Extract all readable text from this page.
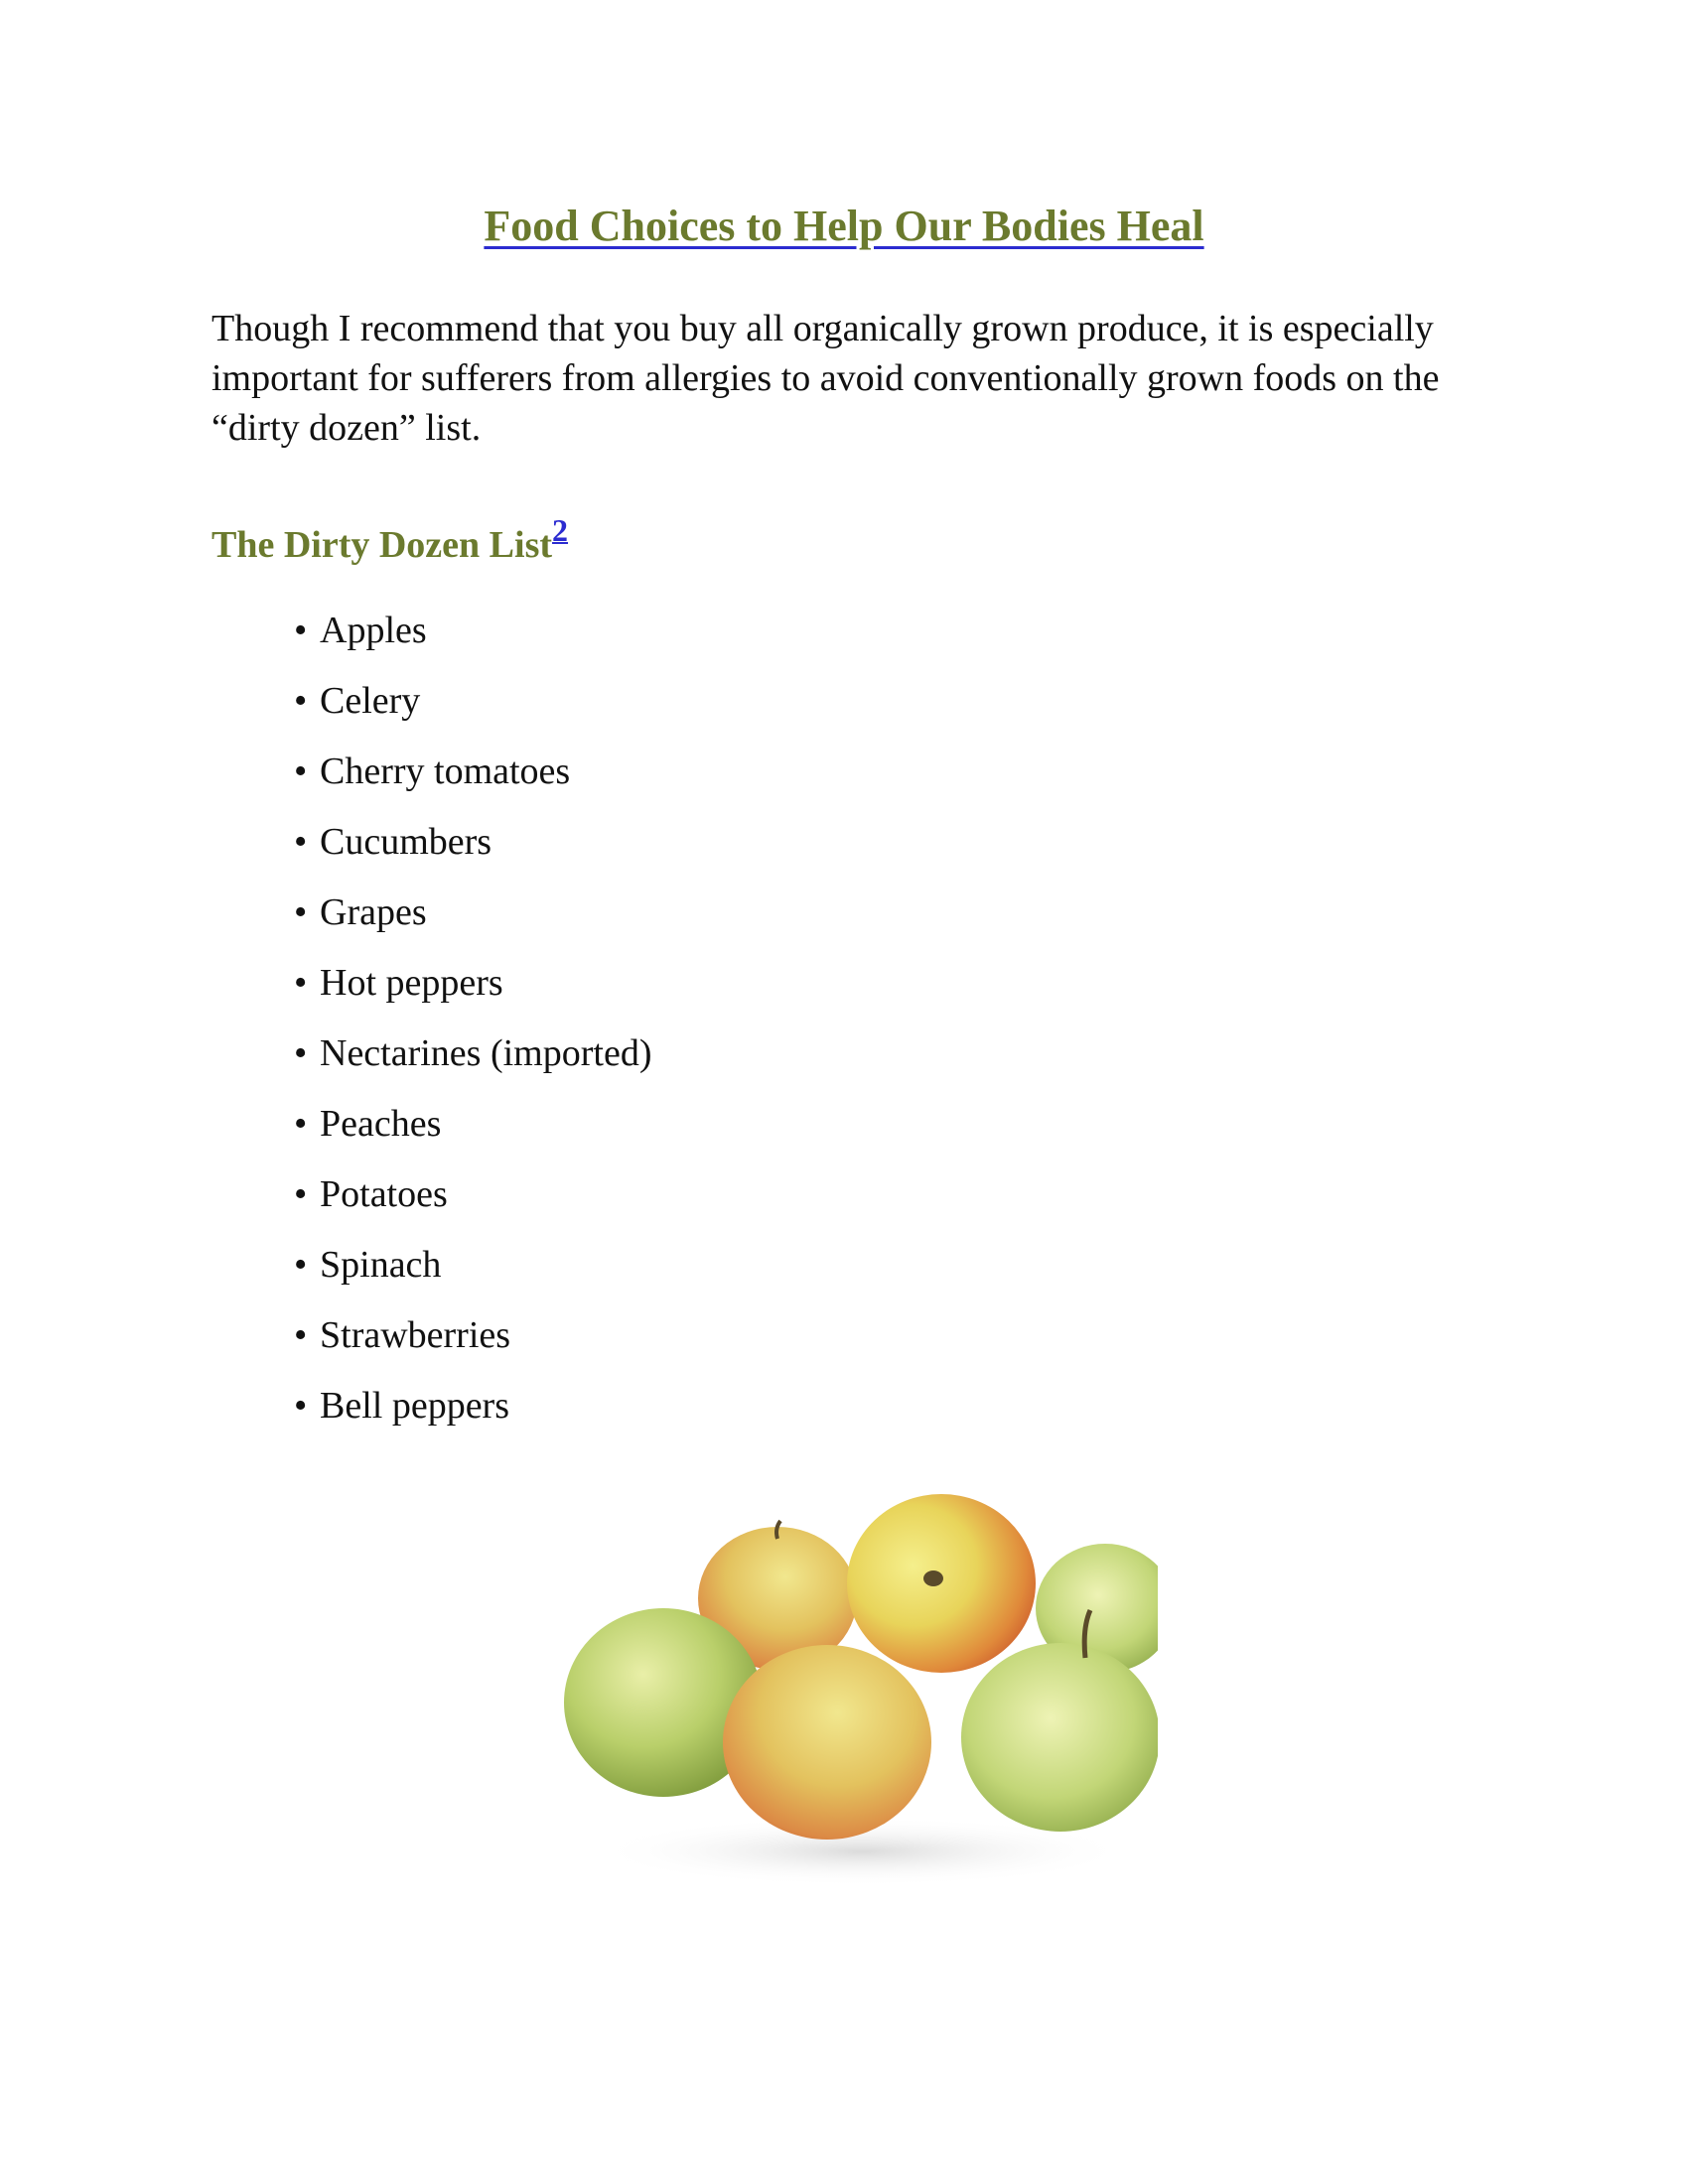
Food Choices to Help Our Bodies Heal

Though I recommend that you buy all organically grown produce, it is especially important for sufferers from allergies to avoid conventionally grown foods on the “dirty dozen” list.

The Dirty Dozen List$^2$
• Apples
• Celery
• Cherry tomatoes
• Cucumbers
• Grapes
• Hot peppers
• Nectarines (imported)
• Peaches
• Potatoes
• Spinach
• Strawberries
• Bell peppers
